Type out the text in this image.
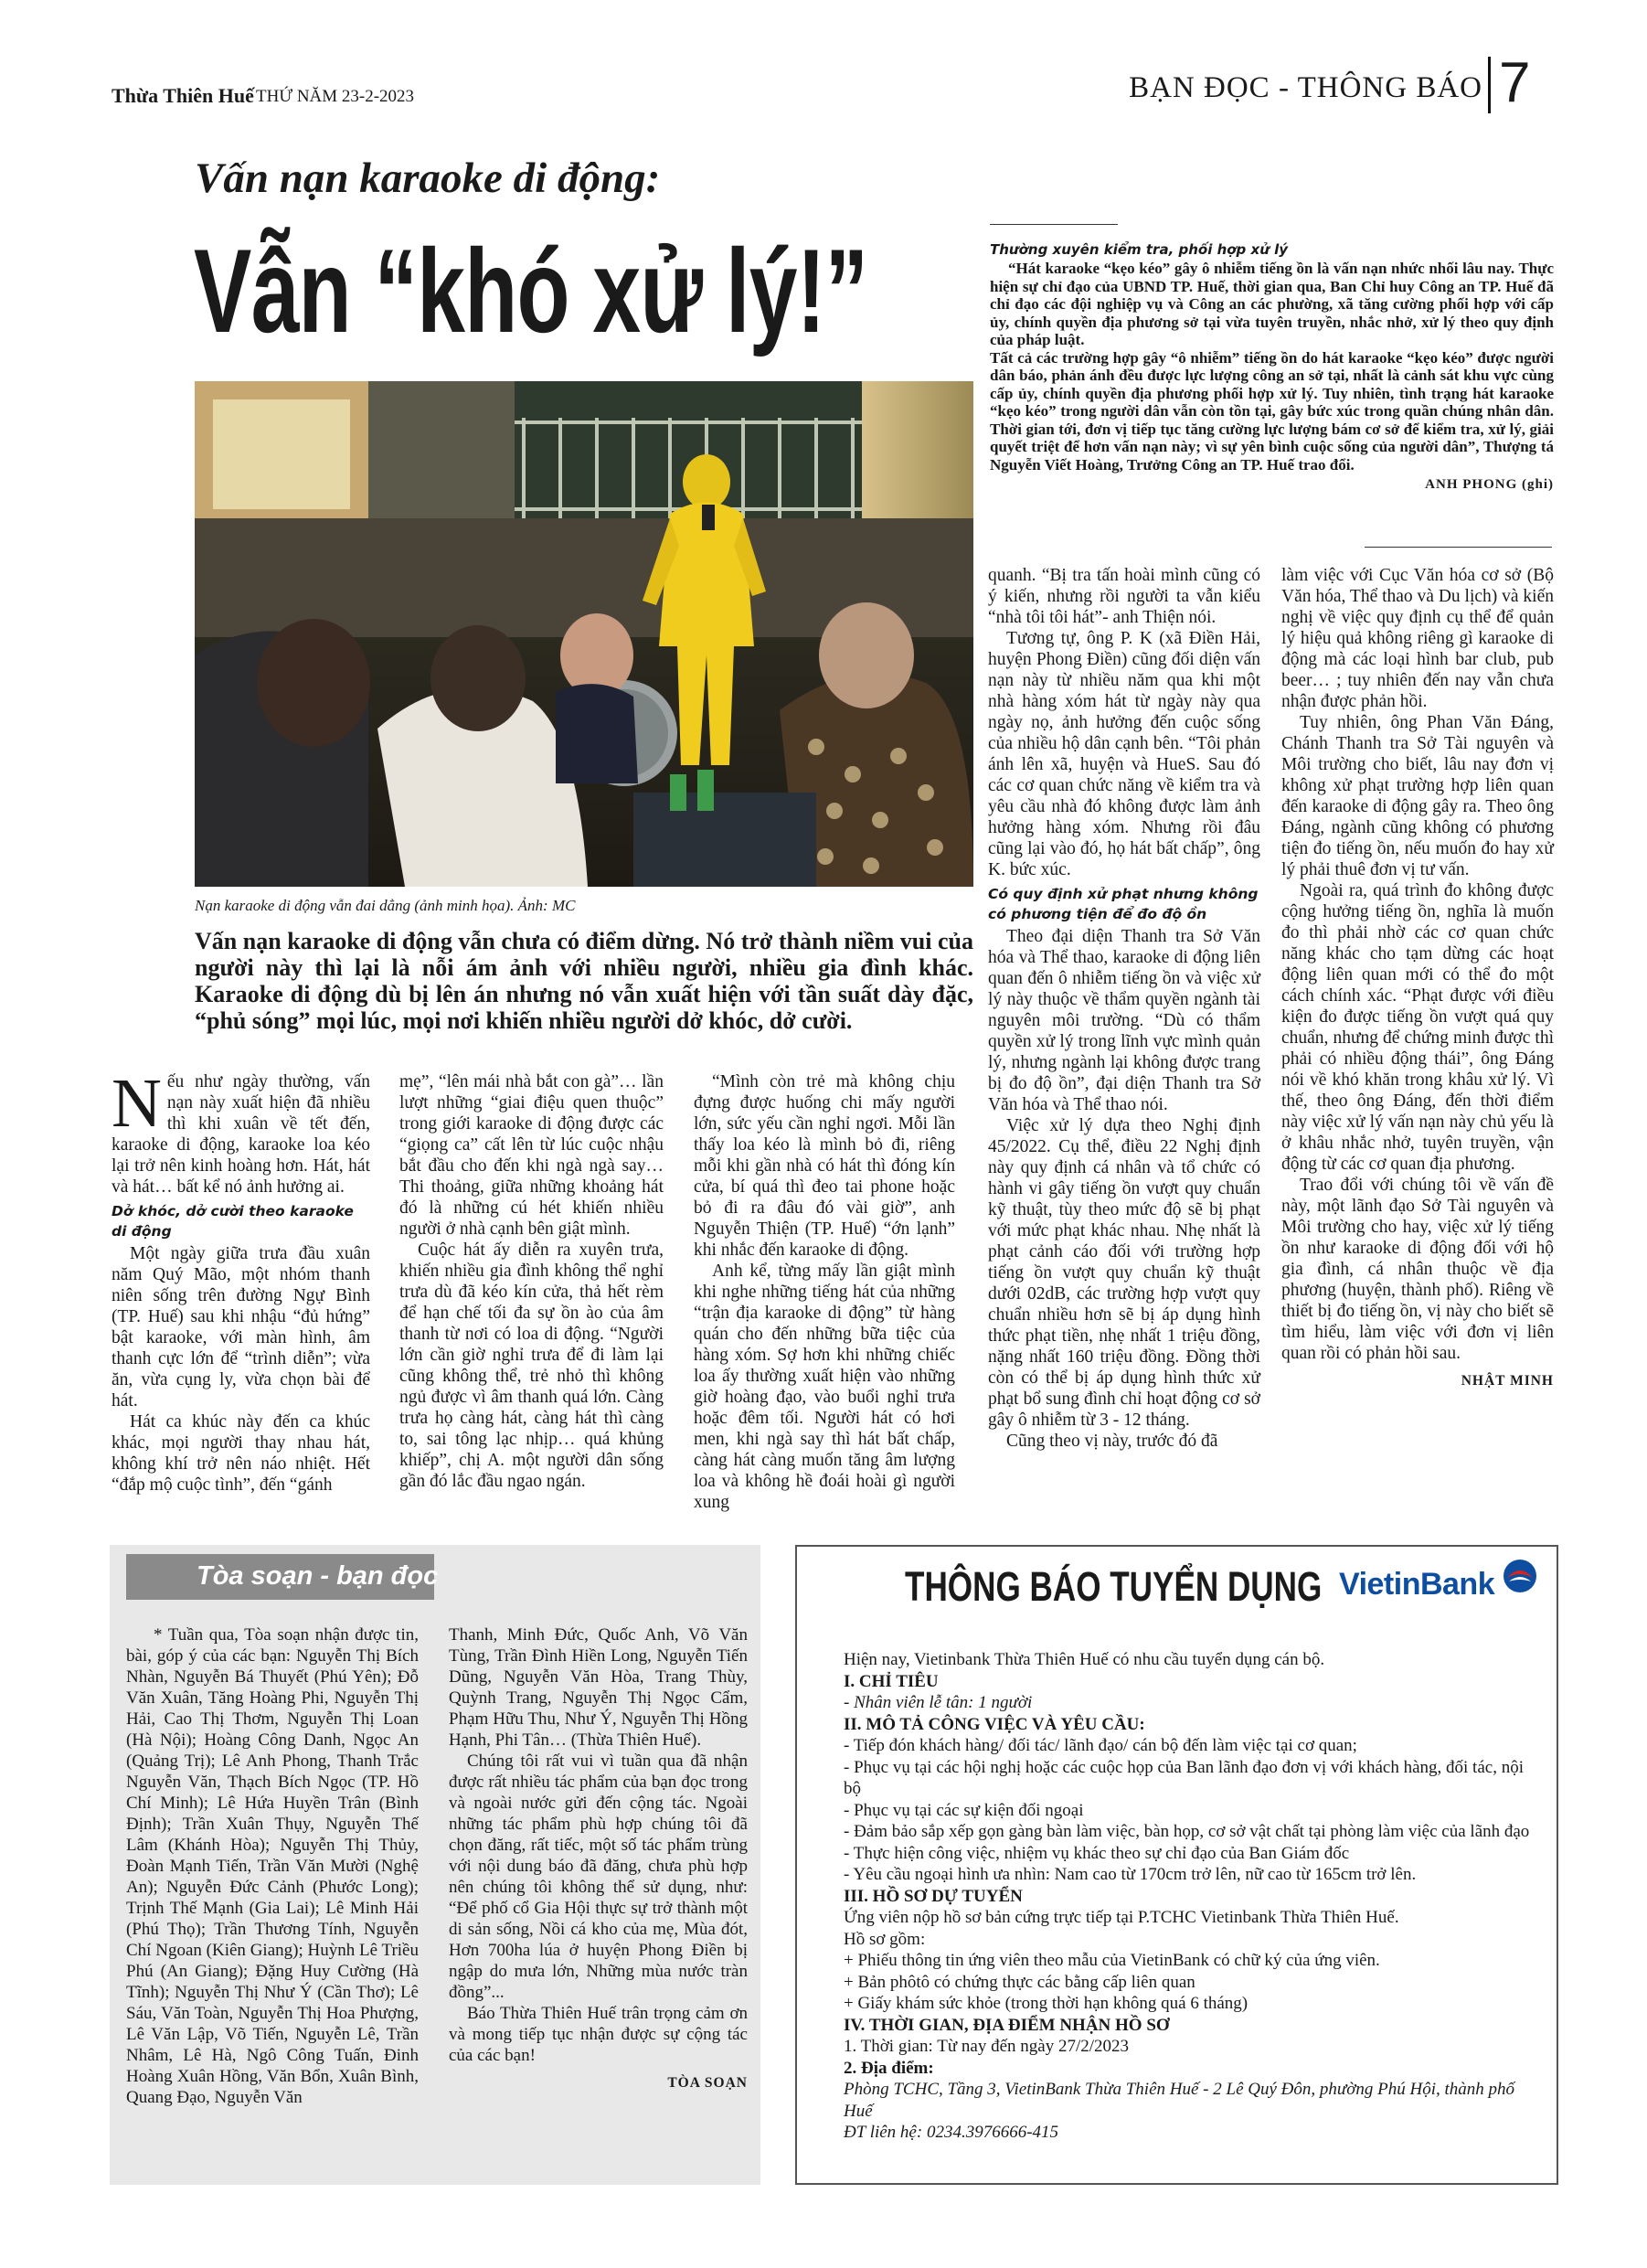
Thừa Thiên Huế THỨ NĂM 23-2-2023	BẠN ĐỌC - THÔNG BÁO 7
Vấn nạn karaoke di động:
Vẫn “khó xử lý!”
Nạn karaoke di động vẫn đai dẳng (ảnh minh họa). Ảnh: MC
Vấn nạn karaoke di động vẫn chưa có điểm dừng. Nó trở thành niềm vui của người này thì lại là nỗi ám ảnh với nhiều người, nhiều gia đình khác. Karaoke di động dù bị lên án nhưng nó vẫn xuất hiện với tần suất dày đặc, “phủ sóng” mọi lúc, mọi nơi khiến nhiều người dở khóc, dở cười.
Thường xuyên kiểm tra, phối hợp xử lý

“Hát karaoke “kẹo kéo” gây ô nhiễm tiếng ồn là vấn nạn nhức nhối lâu nay. Thực hiện sự chỉ đạo của UBND TP. Huế, thời gian qua, Ban Chỉ huy Công an TP. Huế đã chỉ đạo các đội nghiệp vụ và Công an các phường, xã tăng cường phối hợp với cấp ủy, chính quyền địa phương sở tại vừa tuyên truyền, nhắc nhở, xử lý theo quy định của pháp luật.

Tất cả các trường hợp gây “ô nhiễm” tiếng ồn do hát karaoke “kẹo kéo” được người dân báo, phản ánh đều được lực lượng công an sở tại, nhất là cảnh sát khu vực cùng cấp ủy, chính quyền địa phương phối hợp xử lý. Tuy nhiên, tình trạng hát karaoke “kẹo kéo” trong người dân vẫn còn tồn tại, gây bức xúc trong quần chúng nhân dân. Thời gian tới, đơn vị tiếp tục tăng cường lực lượng bám cơ sở để kiểm tra, xử lý, giải quyết triệt để hơn vấn nạn này; vì sự yên bình cuộc sống của người dân”, Thượng tá Nguyễn Viết Hoàng, Trưởng Công an TP. Huế trao đổi.

ANH PHONG (ghi)

Nếu như ngày thường, vấn nạn này xuất hiện đã nhiều thì khi xuân về tết đến, karaoke di động, karaoke loa kéo lại trở nên kinh hoàng hơn. Hát, hát và hát… bất kể nó ảnh hưởng ai.

Dở khóc, dở cười theo karaoke di động

Một ngày giữa trưa đầu xuân năm Quý Mão, một nhóm thanh niên sống trên đường Ngự Bình (TP. Huế) sau khi nhậu “đủ hứng” bật karaoke, với màn hình, âm thanh cực lớn để “trình diễn”; vừa ăn, vừa cụng ly, vừa chọn bài để hát.

Hát ca khúc này đến ca khúc khác, mọi người thay nhau hát, không khí trở nên náo nhiệt. Hết “đắp mộ cuộc tình”, đến “gánh

mẹ”, “lên mái nhà bắt con gà”… lần lượt những “giai điệu quen thuộc” trong giới karaoke di động được các “giọng ca” cất lên từ lúc cuộc nhậu bắt đầu cho đến khi ngà ngà say… Thi thoảng, giữa những khoảng hát đó là những cú hét khiến nhiều người ở nhà cạnh bên giật mình.

Cuộc hát ấy diễn ra xuyên trưa, khiến nhiều gia đình không thể nghỉ trưa dù đã kéo kín cửa, thả hết rèm để hạn chế tối đa sự ồn ào của âm thanh từ nơi có loa di động. “Người lớn cần giờ nghỉ trưa để đi làm lại cũng không thể, trẻ nhỏ thì không ngủ được vì âm thanh quá lớn. Càng trưa họ càng hát, càng hát thì càng to, sai tông lạc nhịp… quá khủng khiếp”, chị A. một người dân sống gần đó lắc đầu ngao ngán.

“Mình còn trẻ mà không chịu đựng được huống chi mấy người lớn, sức yếu cần nghỉ ngơi. Mỗi lần thấy loa kéo là mình bỏ đi, riêng mỗi khi gần nhà có hát thì đóng kín cửa, bí quá thì đeo tai phone hoặc bỏ đi ra đâu đó vài giờ”, anh Nguyễn Thiện (TP. Huế) “ớn lạnh” khi nhắc đến karaoke di động.

Anh kể, từng mấy lần giật mình khi nghe những tiếng hát của những “trận địa karaoke di động” từ hàng quán cho đến những bữa tiệc của hàng xóm. Sợ hơn khi những chiếc loa ấy thường xuất hiện vào những giờ hoàng đạo, vào buổi nghỉ trưa hoặc đêm tối. Người hát có hơi men, khi ngà say thì hát bất chấp, càng hát càng muốn tăng âm lượng loa và không hề đoái hoài gì người xung

quanh. “Bị tra tấn hoài mình cũng có ý kiến, nhưng rồi người ta vẫn kiểu “nhà tôi tôi hát”- anh Thiện nói.

Tương tự, ông P. K (xã Điền Hải, huyện Phong Điền) cũng đối diện vấn nạn này từ nhiều năm qua khi một nhà hàng xóm hát từ ngày này qua ngày nọ, ảnh hưởng đến cuộc sống của nhiều hộ dân cạnh bên. “Tôi phản ánh lên xã, huyện và HueS. Sau đó các cơ quan chức năng về kiểm tra và yêu cầu nhà đó không được làm ảnh hưởng hàng xóm. Nhưng rồi đâu cũng lại vào đó, họ hát bất chấp”, ông K. bức xúc.

Có quy định xử phạt nhưng không có phương tiện để đo độ ồn

Theo đại diện Thanh tra Sở Văn hóa và Thể thao, karaoke di động liên quan đến ô nhiễm tiếng ồn và việc xử lý này thuộc về thẩm quyền ngành tài nguyên môi trường. “Dù có thẩm quyền xử lý trong lĩnh vực mình quản lý, nhưng ngành lại không được trang bị đo độ ồn”, đại diện Thanh tra Sở Văn hóa và Thể thao nói.

Việc xử lý dựa theo Nghị định 45/2022. Cụ thể, điều 22 Nghị định này quy định cá nhân và tổ chức có hành vi gây tiếng ồn vượt quy chuẩn kỹ thuật, tùy theo mức độ sẽ bị phạt với mức phạt khác nhau. Nhẹ nhất là phạt cảnh cáo đối với trường hợp tiếng ồn vượt quy chuẩn kỹ thuật dưới 02dB, các trường hợp vượt quy chuẩn nhiều hơn sẽ bị áp dụng hình thức phạt tiền, nhẹ nhất 1 triệu đồng, nặng nhất 160 triệu đồng. Đồng thời còn có thể bị áp dụng hình thức xử phạt bổ sung đình chỉ hoạt động cơ sở gây ô nhiễm từ 3 - 12 tháng.

Cũng theo vị này, trước đó đã

làm việc với Cục Văn hóa cơ sở (Bộ Văn hóa, Thể thao và Du lịch) và kiến nghị về việc quy định cụ thể để quản lý hiệu quả không riêng gì karaoke di động mà các loại hình bar club, pub beer… ; tuy nhiên đến nay vẫn chưa nhận được phản hồi.

Tuy nhiên, ông Phan Văn Đáng, Chánh Thanh tra Sở Tài nguyên và Môi trường cho biết, lâu nay đơn vị không xử phạt trường hợp liên quan đến karaoke di động gây ra. Theo ông Đáng, ngành cũng không có phương tiện đo tiếng ồn, nếu muốn đo hay xử lý phải thuê đơn vị tư vấn.

Ngoài ra, quá trình đo không được cộng hưởng tiếng ồn, nghĩa là muốn đo thì phải nhờ các cơ quan chức năng khác cho tạm dừng các hoạt động liên quan mới có thể đo một cách chính xác. “Phạt được với điều kiện đo được tiếng ồn vượt quá quy chuẩn, nhưng để chứng minh được thì phải có nhiều động thái”, ông Đáng nói về khó khăn trong khâu xử lý. Vì thế, theo ông Đáng, đến thời điểm này việc xử lý vấn nạn này chủ yếu là ở khâu nhắc nhở, tuyên truyền, vận động từ các cơ quan địa phương.

Trao đổi với chúng tôi về vấn đề này, một lãnh đạo Sở Tài nguyên và Môi trường cho hay, việc xử lý tiếng ồn như karaoke di động đối với hộ gia đình, cá nhân thuộc về địa phương (huyện, thành phố). Riêng về thiết bị đo tiếng ồn, vị này cho biết sẽ tìm hiểu, làm việc với đơn vị liên quan rồi có phản hồi sau.

NHẬT MINH
Tòa soạn - bạn đọc

* Tuần qua, Tòa soạn nhận được tin, bài, góp ý của các bạn: Nguyễn Thị Bích Nhàn, Nguyễn Bá Thuyết (Phú Yên); Đỗ Văn Xuân, Tăng Hoàng Phi, Nguyễn Thị Hải, Cao Thị Thơm, Nguyễn Thị Loan (Hà Nội); Hoàng Công Danh, Ngọc An (Quảng Trị); Lê Anh Phong, Thanh Trắc Nguyễn Văn, Thạch Bích Ngọc (TP. Hồ Chí Minh); Lê Hứa Huyền Trân (Bình Định); Trần Xuân Thụy, Nguyễn Thế Lâm (Khánh Hòa); Nguyễn Thị Thủy, Đoàn Mạnh Tiến, Trần Văn Mười (Nghệ An); Nguyễn Đức Cảnh (Phước Long); Trịnh Thế Mạnh (Gia Lai); Lê Minh Hải (Phú Thọ); Trần Thương Tính, Nguyễn Chí Ngoan (Kiên Giang); Huỳnh Lê Triều Phú (An Giang); Đặng Huy Cường (Hà Tĩnh); Nguyễn Thị Như Ý (Cần Thơ); Lê Sáu, Văn Toàn, Nguyễn Thị Hoa Phượng, Lê Văn Lập, Võ Tiến, Nguyễn Lê, Trần Nhâm, Lê Hà, Ngô Công Tuấn, Đinh Hoàng Xuân Hồng, Văn Bổn, Xuân Bình, Quang Đạo, Nguyễn Văn

Thanh, Minh Đức, Quốc Anh, Võ Văn Tùng, Trần Đình Hiền Long, Nguyễn Tiến Dũng, Nguyễn Văn Hòa, Trang Thùy, Quỳnh Trang, Nguyễn Thị Ngọc Cẩm, Phạm Hữu Thu, Như Ý, Nguyễn Thị Hồng Hạnh, Phi Tân… (Thừa Thiên Huế).

Chúng tôi rất vui vì tuần qua đã nhận được rất nhiều tác phẩm của bạn đọc trong và ngoài nước gửi đến cộng tác. Ngoài những tác phẩm phù hợp chúng tôi đã chọn đăng, rất tiếc, một số tác phẩm trùng với nội dung báo đã đăng, chưa phù hợp nên chúng tôi không thể sử dụng, như: “Để phố cổ Gia Hội thực sự trở thành một di sản sống, Nồi cá kho của mẹ, Mùa đót, Hơn 700ha lúa ở huyện Phong Điền bị ngập do mưa lớn, Những mùa nước tràn đồng”...

Báo Thừa Thiên Huế trân trọng cảm ơn và mong tiếp tục nhận được sự cộng tác của các bạn!

TÒA SOẠN
THÔNG BÁO TUYỂN DỤNG VietinBank

Hiện nay, Vietinbank Thừa Thiên Huế có nhu cầu tuyển dụng cán bộ.

I. CHỈ TIÊU

- Nhân viên lễ tân: 1 người

II. MÔ TẢ CÔNG VIỆC VÀ YÊU CẦU:

- Tiếp đón khách hàng/ đối tác/ lãnh đạo/ cán bộ đến làm việc tại cơ quan;

- Phục vụ tại các hội nghị hoặc các cuộc họp của Ban lãnh đạo đơn vị với khách hàng, đối tác, nội bộ

- Phục vụ tại các sự kiện đối ngoại

- Đảm bảo sắp xếp gọn gàng bàn làm việc, bàn họp, cơ sở vật chất tại phòng làm việc của lãnh đạo

- Thực hiện công việc, nhiệm vụ khác theo sự chỉ đạo của Ban Giám đốc

- Yêu cầu ngoại hình ưa nhìn: Nam cao từ 170cm trở lên, nữ cao từ 165cm trở lên.

III. HỒ SƠ DỰ TUYỂN

Ứng viên nộp hồ sơ bản cứng trực tiếp tại P.TCHC Vietinbank Thừa Thiên Huế.

Hồ sơ gồm:

+ Phiếu thông tin ứng viên theo mẫu của VietinBank có chữ ký của ứng viên.

+ Bản phôtô có chứng thực các bằng cấp liên quan

+ Giấy khám sức khỏe (trong thời hạn không quá 6 tháng)

IV. THỜI GIAN, ĐỊA ĐIỂM NHẬN HỒ SƠ

1. Thời gian: Từ nay đến ngày 27/2/2023

2. Địa điểm:

Phòng TCHC, Tầng 3, VietinBank Thừa Thiên Huế - 2 Lê Quý Đôn, phường Phú Hội, thành phố Huế

ĐT liên hệ: 0234.3976666-415
